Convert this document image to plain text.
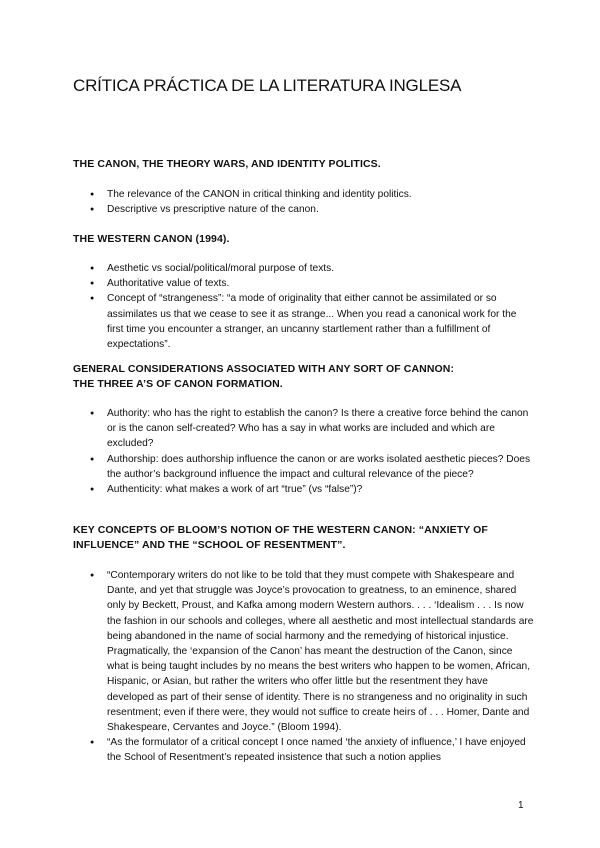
CRÍTICA PRÁCTICA DE LA LITERATURA INGLESA
THE CANON, THE THEORY WARS, AND IDENTITY POLITICS.
● The relevance of the CANON in critical thinking and identity politics.
● Descriptive vs prescriptive nature of the canon.
THE WESTERN CANON (1994).
● Aesthetic vs social/political/moral purpose of texts.
● Authoritative value of texts.
● Concept of “strangeness”: “a mode of originality that either cannot be assimilated or so assimilates us that we cease to see it as strange... When you read a canonical work for the first time you encounter a stranger, an uncanny startlement rather than a fulfillment of expectations”.
GENERAL CONSIDERATIONS ASSOCIATED WITH ANY SORT OF CANNON:
THE THREE A’S OF CANON FORMATION.
● Authority: who has the right to establish the canon? Is there a creative force behind the canon or is the canon self-created? Who has a say in what works are included and which are excluded?
● Authorship: does authorship influence the canon or are works isolated aesthetic pieces? Does the author’s background influence the impact and cultural relevance of the piece?
● Authenticity: what makes a work of art “true” (vs “false”)?
KEY CONCEPTS OF BLOOM’S NOTION OF THE WESTERN CANON: “ANXIETY OF
INFLUENCE” AND THE “SCHOOL OF RESENTMENT”.
● “Contemporary writers do not like to be told that they must compete with Shakespeare and Dante, and yet that struggle was Joyce’s provocation to greatness, to an eminence, shared only by Beckett, Proust, and Kafka among modern Western authors. . . . ‘Idealism . . . Is now the fashion in our schools and colleges, where all aesthetic and most intellectual standards are being abandoned in the name of social harmony and the remedying of historical injustice. Pragmatically, the ‘expansion of the Canon’ has meant the destruction of the Canon, since what is being taught includes by no means the best writers who happen to be women, African, Hispanic, or Asian, but rather the writers who offer little but the resentment they have developed as part of their sense of identity. There is no strangeness and no originality in such resentment; even if there were, they would not suffice to create heirs of . . . Homer, Dante and Shakespeare, Cervantes and Joyce.” (Bloom 1994).
● “As the formulator of a critical concept I once named ‘the anxiety of influence,’ I have enjoyed the School of Resentment’s repeated insistence that such a notion applies
1
